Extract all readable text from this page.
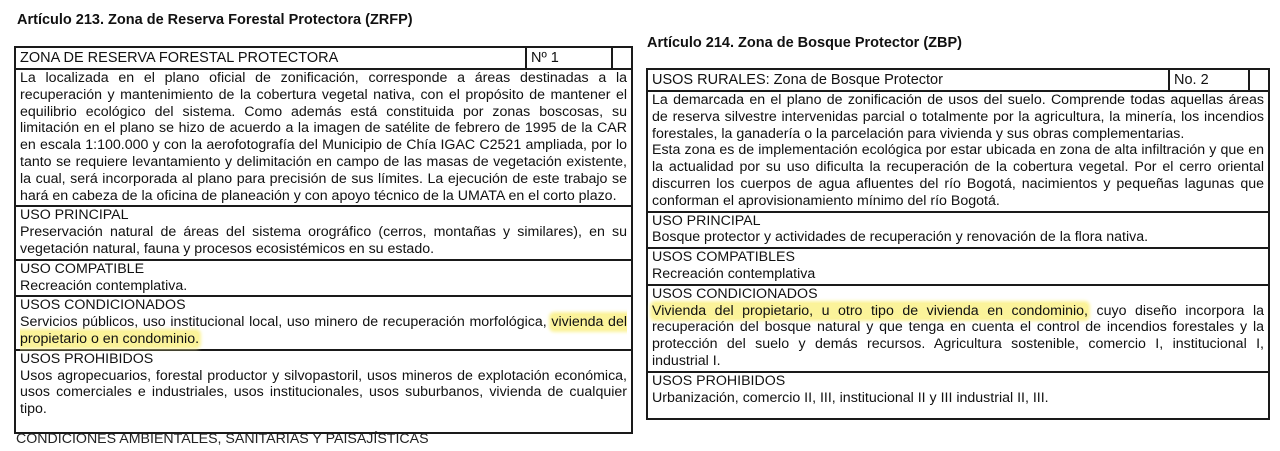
Artículo 213. Zona de Reserva Forestal Protectora (ZRFP)
ZONA DE RESERVA FORESTAL PROTECTORA	Nº 1
La localizada en el plano oficial de zonificación, corresponde a áreas destinadas a la recuperación y mantenimiento de la cobertura vegetal nativa, con el propósito de mantener el equilibrio ecológico del sistema. Como además está constituida por zonas boscosas, su limitación en el plano se hizo de acuerdo a la imagen de satélite de febrero de 1995 de la CAR en escala 1:100.000 y con la aerofotografía del Municipio de Chía IGAC C2521 ampliada, por lo tanto se requiere levantamiento y delimitación en campo de las masas de vegetación existente, la cual, será incorporada al plano para precisión de sus límites. La ejecución de este trabajo se hará en cabeza de la oficina de planeación y con apoyo técnico de la UMATA en el corto plazo.
USO PRINCIPAL
Preservación natural de áreas del sistema orográfico (cerros, montañas y similares), en su vegetación natural, fauna y procesos ecosistémicos en su estado.
USO COMPATIBLE
Recreación contemplativa.
USOS CONDICIONADOS
Servicios públicos, uso institucional local, uso minero de recuperación morfológica, vivienda del propietario o en condominio.
USOS PROHIBIDOS
Usos agropecuarios, forestal productor y silvopastoril, usos mineros de explotación económica, usos comerciales e industriales, usos institucionales, usos suburbanos, vivienda de cualquier tipo.
CONDICIONES AMBIENTALES, SANITARIAS Y PAISAJÍSTICAS
Artículo 214. Zona de Bosque Protector (ZBP)
USOS RURALES: Zona de Bosque Protector	No. 2
La demarcada en el plano de zonificación de usos del suelo. Comprende todas aquellas áreas de reserva silvestre intervenidas parcial o totalmente por la agricultura, la minería, los incendios forestales, la ganadería o la parcelación para vivienda y sus obras complementarias.
Esta zona es de implementación ecológica por estar ubicada en zona de alta infiltración y que en la actualidad por su uso dificulta la recuperación de la cobertura vegetal. Por el cerro oriental discurren los cuerpos de agua afluentes del río Bogotá, nacimientos y pequeñas lagunas que conforman el aprovisionamiento mínimo del río Bogotá.
USO PRINCIPAL
Bosque protector y actividades de recuperación y renovación de la flora nativa.
USOS COMPATIBLES
Recreación contemplativa
USOS CONDICIONADOS
Vivienda del propietario, u otro tipo de vivienda en condominio, cuyo diseño incorpora la recuperación del bosque natural y que tenga en cuenta el control de incendios forestales y la protección del suelo y demás recursos. Agricultura sostenible, comercio I, institucional I, industrial I.
USOS PROHIBIDOS
Urbanización, comercio II, III, institucional II y III industrial II, III.
